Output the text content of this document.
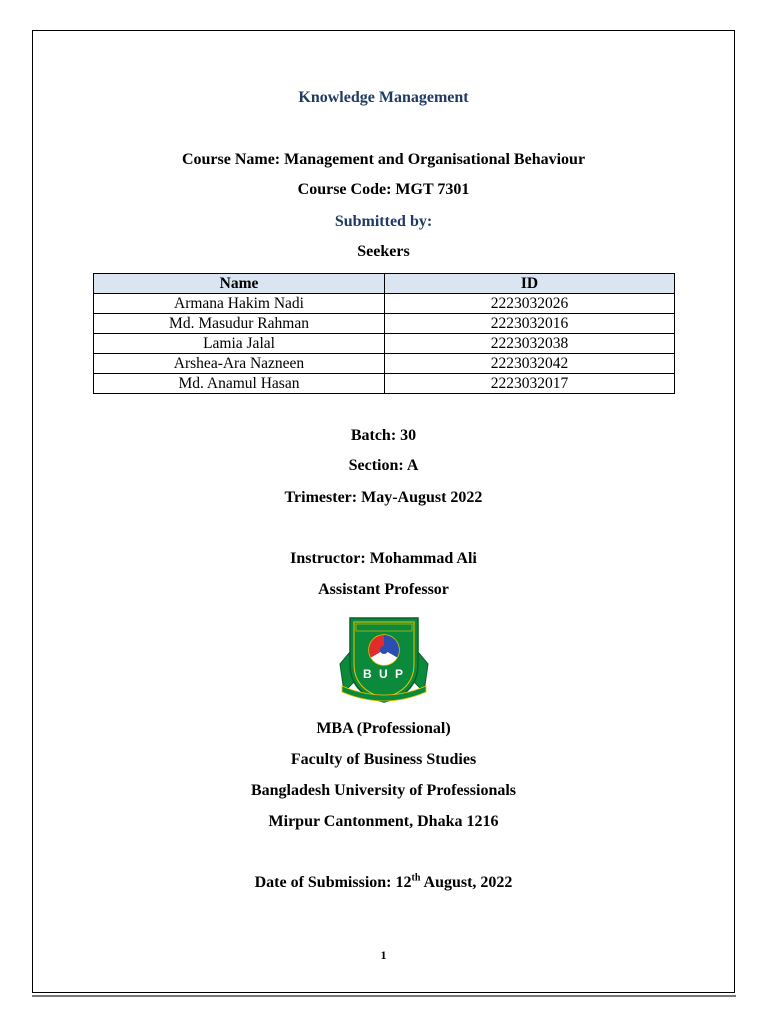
Knowledge Management
Course Name: Management and Organisational Behaviour
Course Code: MGT 7301
Submitted by:
Seekers
Name	ID
Armana Hakim Nadi	2223032026
Md. Masudur Rahman	2223032016
Lamia Jalal	2223032038
Arshea-Ara Nazneen	2223032042
Md. Anamul Hasan	2223032017
Batch: 30
Section: A
Trimester: May-August 2022
Instructor: Mohammad Ali
Assistant Professor
B U P
MBA (Professional)
Faculty of Business Studies
Bangladesh University of Professionals
Mirpur Cantonment, Dhaka 1216
Date of Submission: 12th August, 2022
1
